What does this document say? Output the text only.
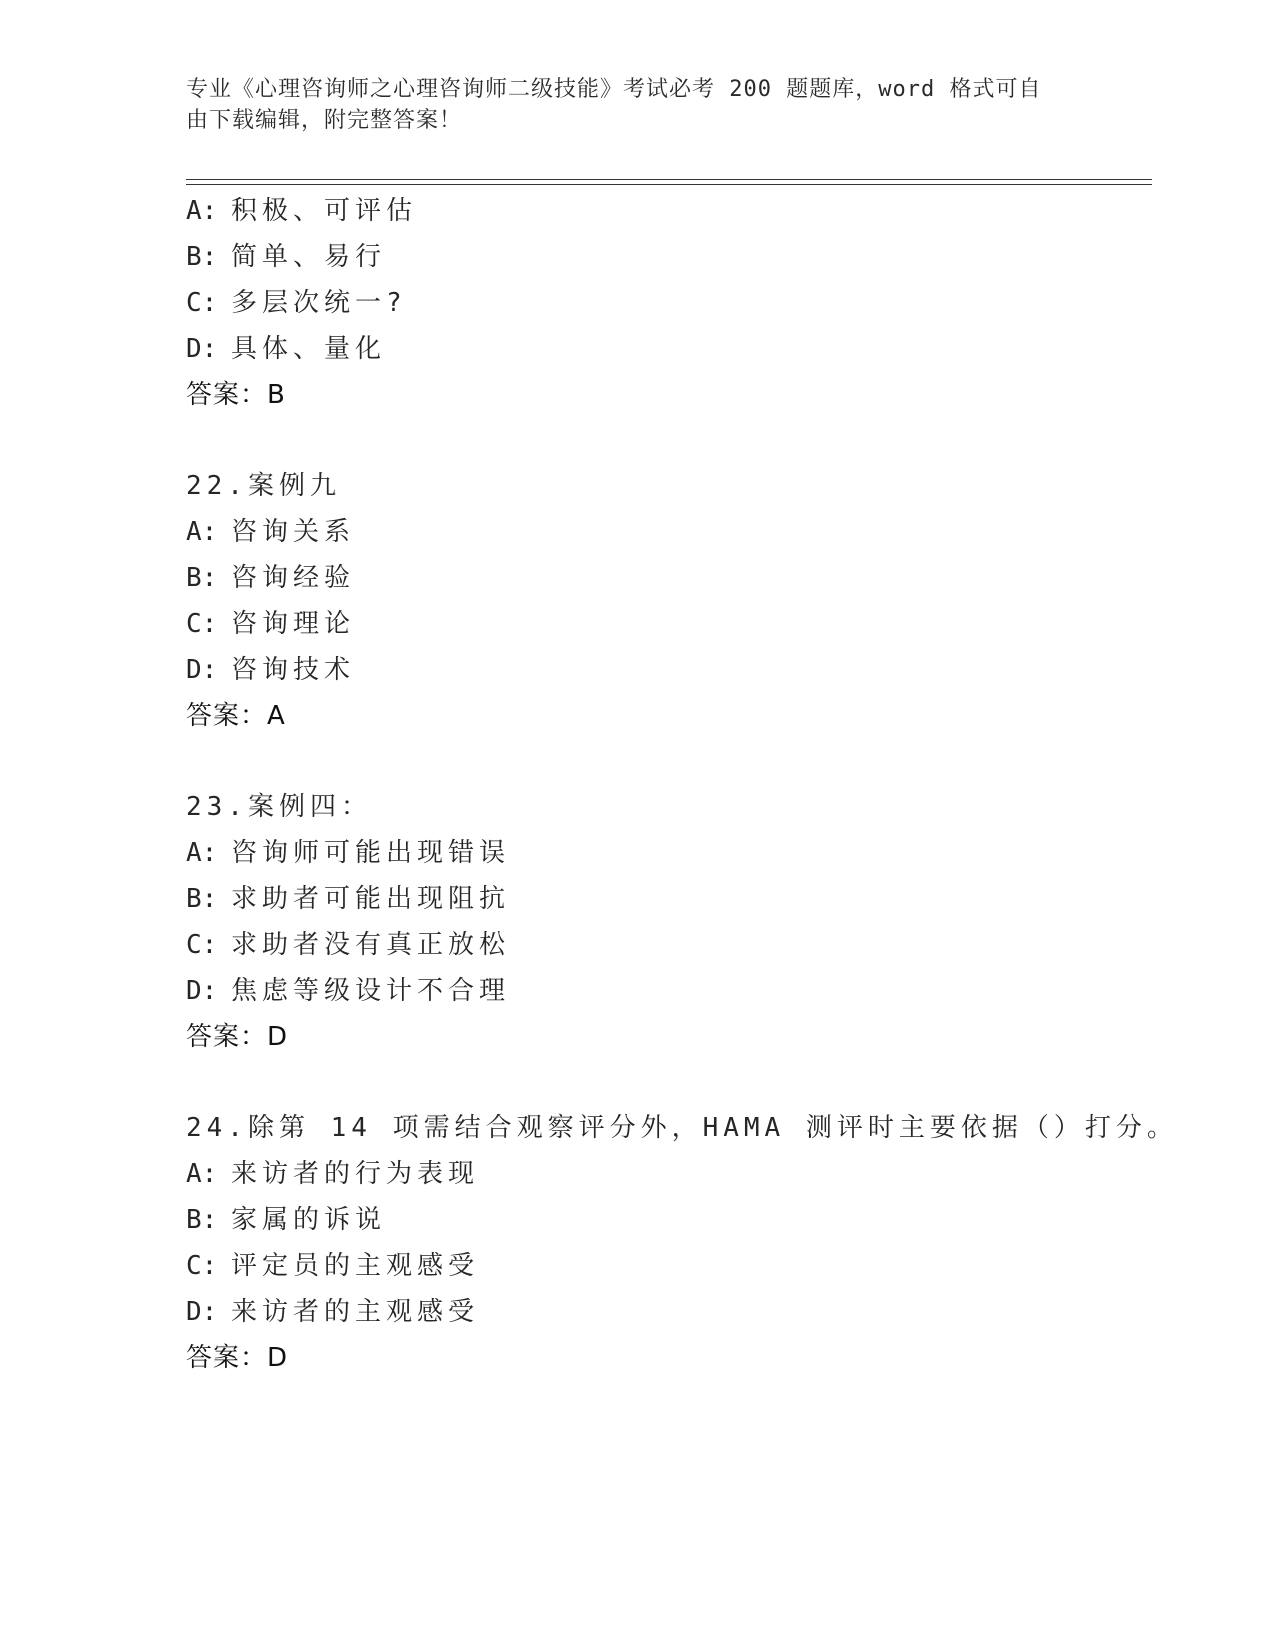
专业《心理咨询师之心理咨询师二级技能》考试必考 200 题题库，word 格式可自
由下载编辑，附完整答案！
A: 积极、可评估
B: 简单、易行
C: 多层次统一?
D: 具体、量化
答案：B
22.案例九
A: 咨询关系
B: 咨询经验
C: 咨询理论
D: 咨询技术
答案：A
23.案例四：
A: 咨询师可能出现错误
B: 求助者可能出现阻抗
C: 求助者没有真正放松
D: 焦虑等级设计不合理
答案：D
24.除第 14 项需结合观察评分外，HAMA 测评时主要依据（）打分。
A: 来访者的行为表现
B: 家属的诉说
C: 评定员的主观感受
D: 来访者的主观感受
答案：D
